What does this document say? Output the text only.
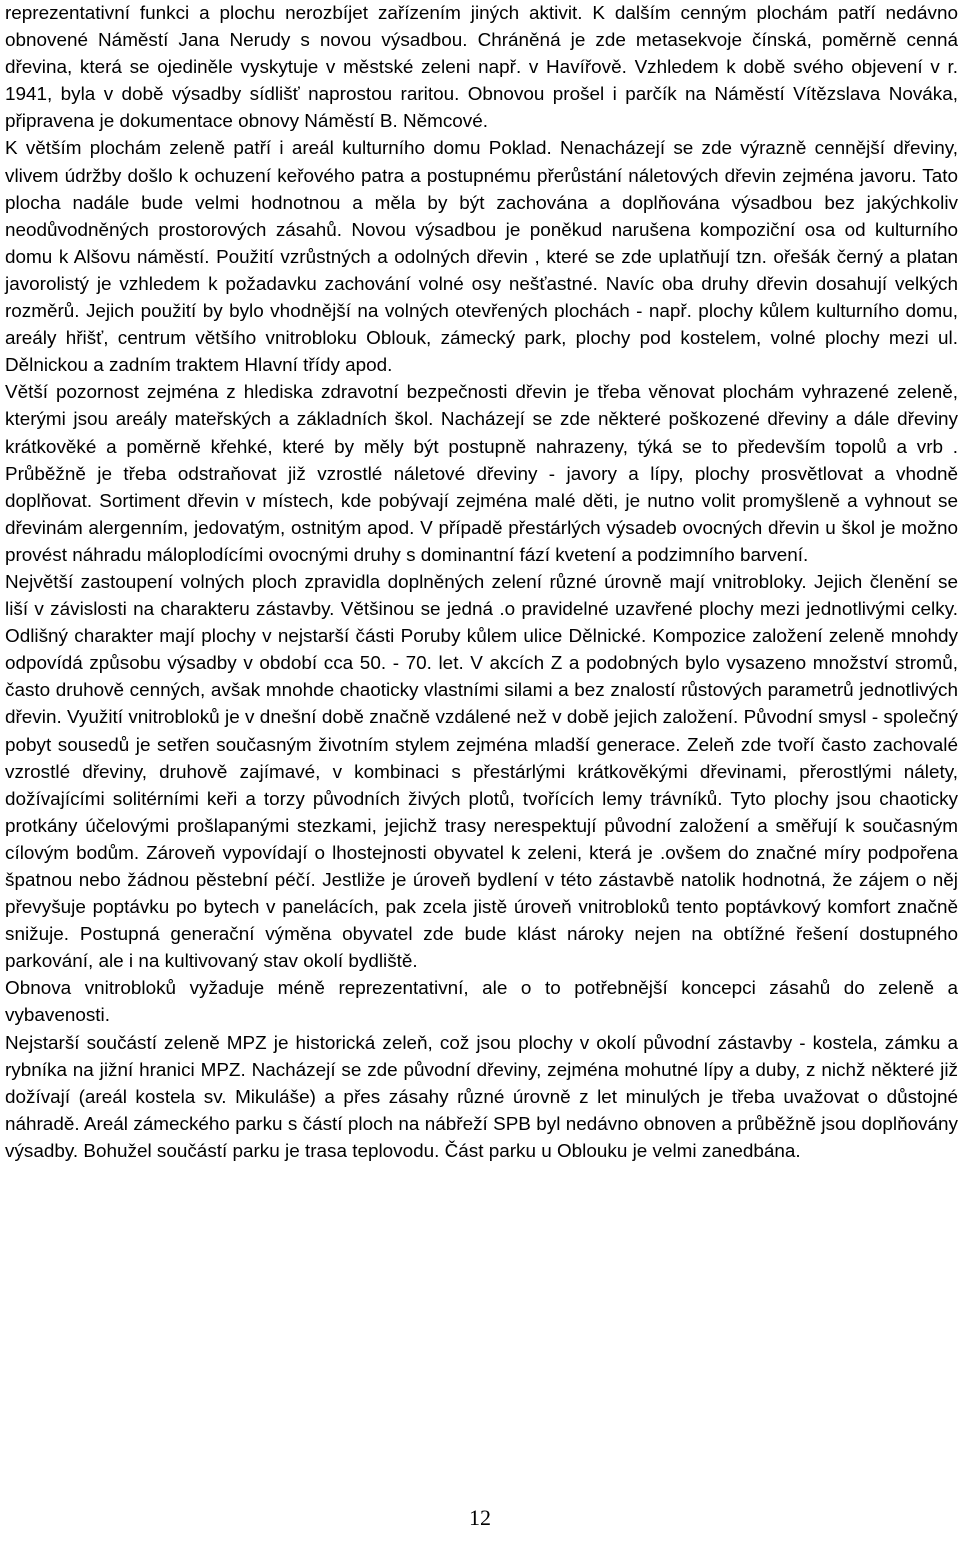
reprezentativní funkci a plochu nerozbíjet zařízením jiných aktivit. K dalším cenným plochám patří nedávno obnovené Náměstí Jana Nerudy s novou výsadbou. Chráněná je zde metasekvoje čínská, poměrně cenná dřevina, která se ojediněle vyskytuje v městské zeleni např. v Havířově. Vzhledem k době svého objevení v r. 1941, byla v době výsadby sídlišť naprostou raritou. Obnovou prošel i parčík na Náměstí Vítězslava Nováka, připravena je dokumentace obnovy Náměstí B. Němcové.

K větším plochám zeleně patří i areál kulturního domu Poklad. Nenacházejí se zde výrazně cennější dřeviny, vlivem údržby došlo k ochuzení keřového patra a postupnému přerůstání náletových dřevin zejména javoru. Tato plocha nadále bude velmi hodnotnou a měla by být zachována a doplňována výsadbou bez jakýchkoliv neodůvodněných prostorových zásahů. Novou výsadbou je poněkud narušena kompoziční osa od kulturního domu k Alšovu náměstí. Použití vzrůstných a odolných dřevin , které se zde uplatňují tzn. ořešák černý a platan javorolistý je vzhledem k požadavku zachování volné osy nešťastné. Navíc oba druhy dřevin dosahují velkých rozměrů. Jejich použití by bylo vhodnější na volných otevřených plochách - např. plochy kůlem kulturního domu, areály hřišť, centrum většího vnitrobloku Oblouk, zámecký park, plochy pod kostelem, volné plochy mezi ul. Dělnickou a zadním traktem Hlavní třídy apod.

Větší pozornost zejména z hlediska zdravotní bezpečnosti dřevin je třeba věnovat plochám vyhrazené zeleně, kterými jsou areály mateřských a základních škol. Nacházejí se zde některé poškozené dřeviny a dále dřeviny krátkověké a poměrně křehké, které by měly být postupně nahrazeny, týká se to především topolů a vrb . Průběžně je třeba odstraňovat již vzrostlé náletové dřeviny - javory a lípy, plochy prosvětlovat a vhodně doplňovat. Sortiment dřevin v místech, kde pobývají zejména malé děti, je nutno volit promyšleně a vyhnout se dřevinám alergenním, jedovatým, ostnitým apod. V případě přestárlých výsadeb ovocných dřevin u škol je možno provést náhradu máloplodícími ovocnými druhy s dominantní fází kvetení a podzimního barvení.

Největší zastoupení volných ploch zpravidla doplněných zelení různé úrovně mají vnitrobloky. Jejich členění se liší v závislosti na charakteru zástavby. Většinou se jedná .o pravidelné uzavřené plochy mezi jednotlivými celky. Odlišný charakter mají plochy v nejstarší části Poruby kůlem ulice Dělnické. Kompozice založení zeleně mnohdy odpovídá způsobu výsadby v období cca 50. - 70. let. V akcích Z a podobných bylo vysazeno množství stromů, často druhově cenných, avšak mnohde chaoticky vlastními silami a bez znalostí růstových parametrů jednotlivých dřevin. Využití vnitrobloků je v dnešní době značně vzdálené než v době jejich založení. Původní smysl - společný pobyt sousedů je setřen současným životním stylem zejména mladší generace. Zeleň zde tvoří často zachovalé vzrostlé dřeviny, druhově zajímavé, v kombinaci s přestárlými krátkověkými dřevinami, přerostlými nálety, dožívajícími solitérními keři a torzy původních živých plotů, tvořících lemy trávníků. Tyto plochy jsou chaoticky protkány účelovými prošlapanými stezkami, jejichž trasy nerespektují původní založení a směřují k současným cílovým bodům. Zároveň vypovídají o lhostejnosti obyvatel k zeleni, která je .ovšem do značné míry podpořena špatnou nebo žádnou pěstební péčí. Jestliže je úroveň bydlení v této zástavbě natolik hodnotná, že zájem o něj převyšuje poptávku po bytech v panelácích, pak zcela jistě úroveň vnitrobloků tento poptávkový komfort značně snižuje. Postupná generační výměna obyvatel zde bude klást nároky nejen na obtížné řešení dostupného parkování, ale i na kultivovaný stav okolí bydliště.

Obnova vnitrobloků vyžaduje méně reprezentativní, ale o to potřebnější koncepci zásahů do zeleně a vybavenosti.

Nejstarší součástí zeleně MPZ je historická zeleň, což jsou plochy v okolí původní zástavby - kostela, zámku a rybníka na jižní hranici MPZ. Nacházejí se zde původní dřeviny, zejména mohutné lípy a duby, z nichž některé již dožívají (areál kostela sv. Mikuláše) a přes zásahy různé úrovně z let minulých je třeba uvažovat o důstojné náhradě. Areál zámeckého parku s částí ploch na nábřeží SPB byl nedávno obnoven a průběžně jsou doplňovány výsadby. Bohužel součástí parku je trasa teplovodu. Část parku u Oblouku je velmi zanedbána.

12
